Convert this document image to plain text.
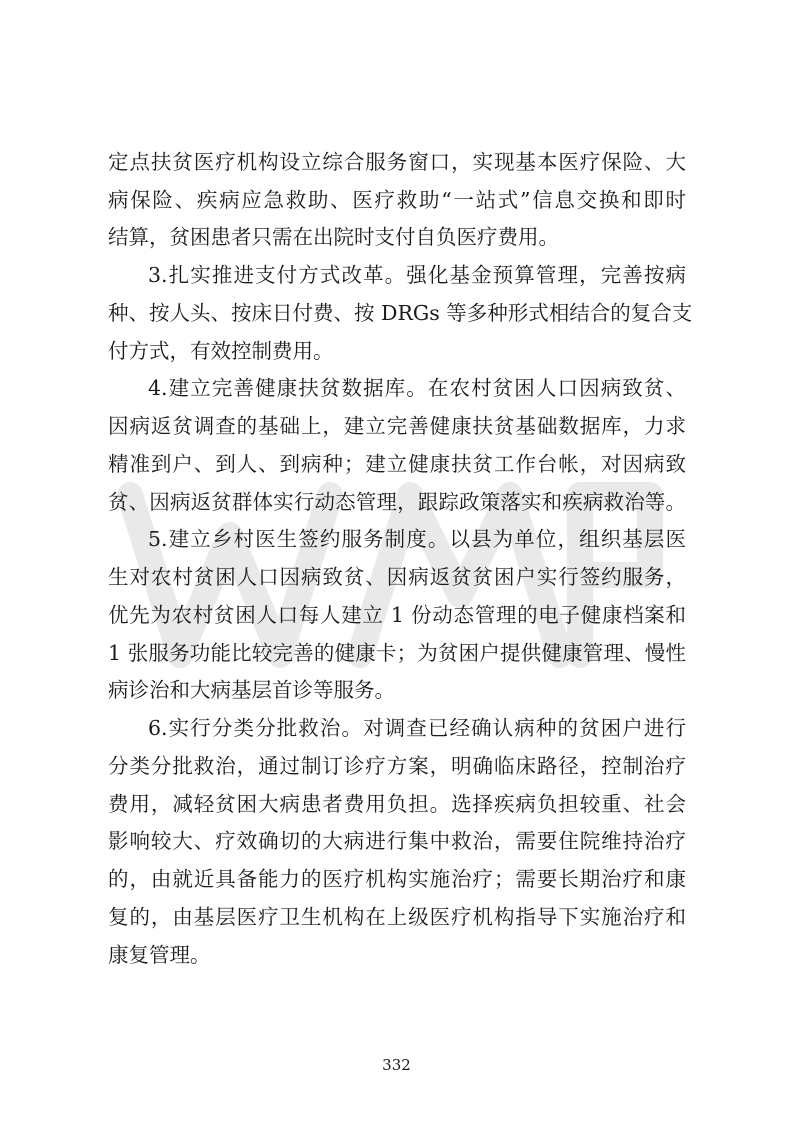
定点扶贫医疗机构设立综合服务窗口，实现基本医疗保险、大
病保险、疾病应急救助、医疗救助“一站式”信息交换和即时
结算，贫困患者只需在出院时支付自负医疗费用。
3.扎实推进支付方式改革。强化基金预算管理，完善按病
种、按人头、按床日付费、按 DRGs 等多种形式相结合的复合支
付方式，有效控制费用。
4.建立完善健康扶贫数据库。在农村贫困人口因病致贫、
因病返贫调查的基础上，建立完善健康扶贫基础数据库，力求
精准到户、到人、到病种；建立健康扶贫工作台帐，对因病致
贫、因病返贫群体实行动态管理，跟踪政策落实和疾病救治等。
5.建立乡村医生签约服务制度。以县为单位，组织基层医
生对农村贫困人口因病致贫、因病返贫贫困户实行签约服务，
优先为农村贫困人口每人建立 1 份动态管理的电子健康档案和
1 张服务功能比较完善的健康卡；为贫困户提供健康管理、慢性
病诊治和大病基层首诊等服务。
6.实行分类分批救治。对调查已经确认病种的贫困户进行
分类分批救治，通过制订诊疗方案，明确临床路径，控制治疗
费用，减轻贫困大病患者费用负担。选择疾病负担较重、社会
影响较大、疗效确切的大病进行集中救治，需要住院维持治疗
的，由就近具备能力的医疗机构实施治疗；需要长期治疗和康
复的，由基层医疗卫生机构在上级医疗机构指导下实施治疗和
康复管理。
332
